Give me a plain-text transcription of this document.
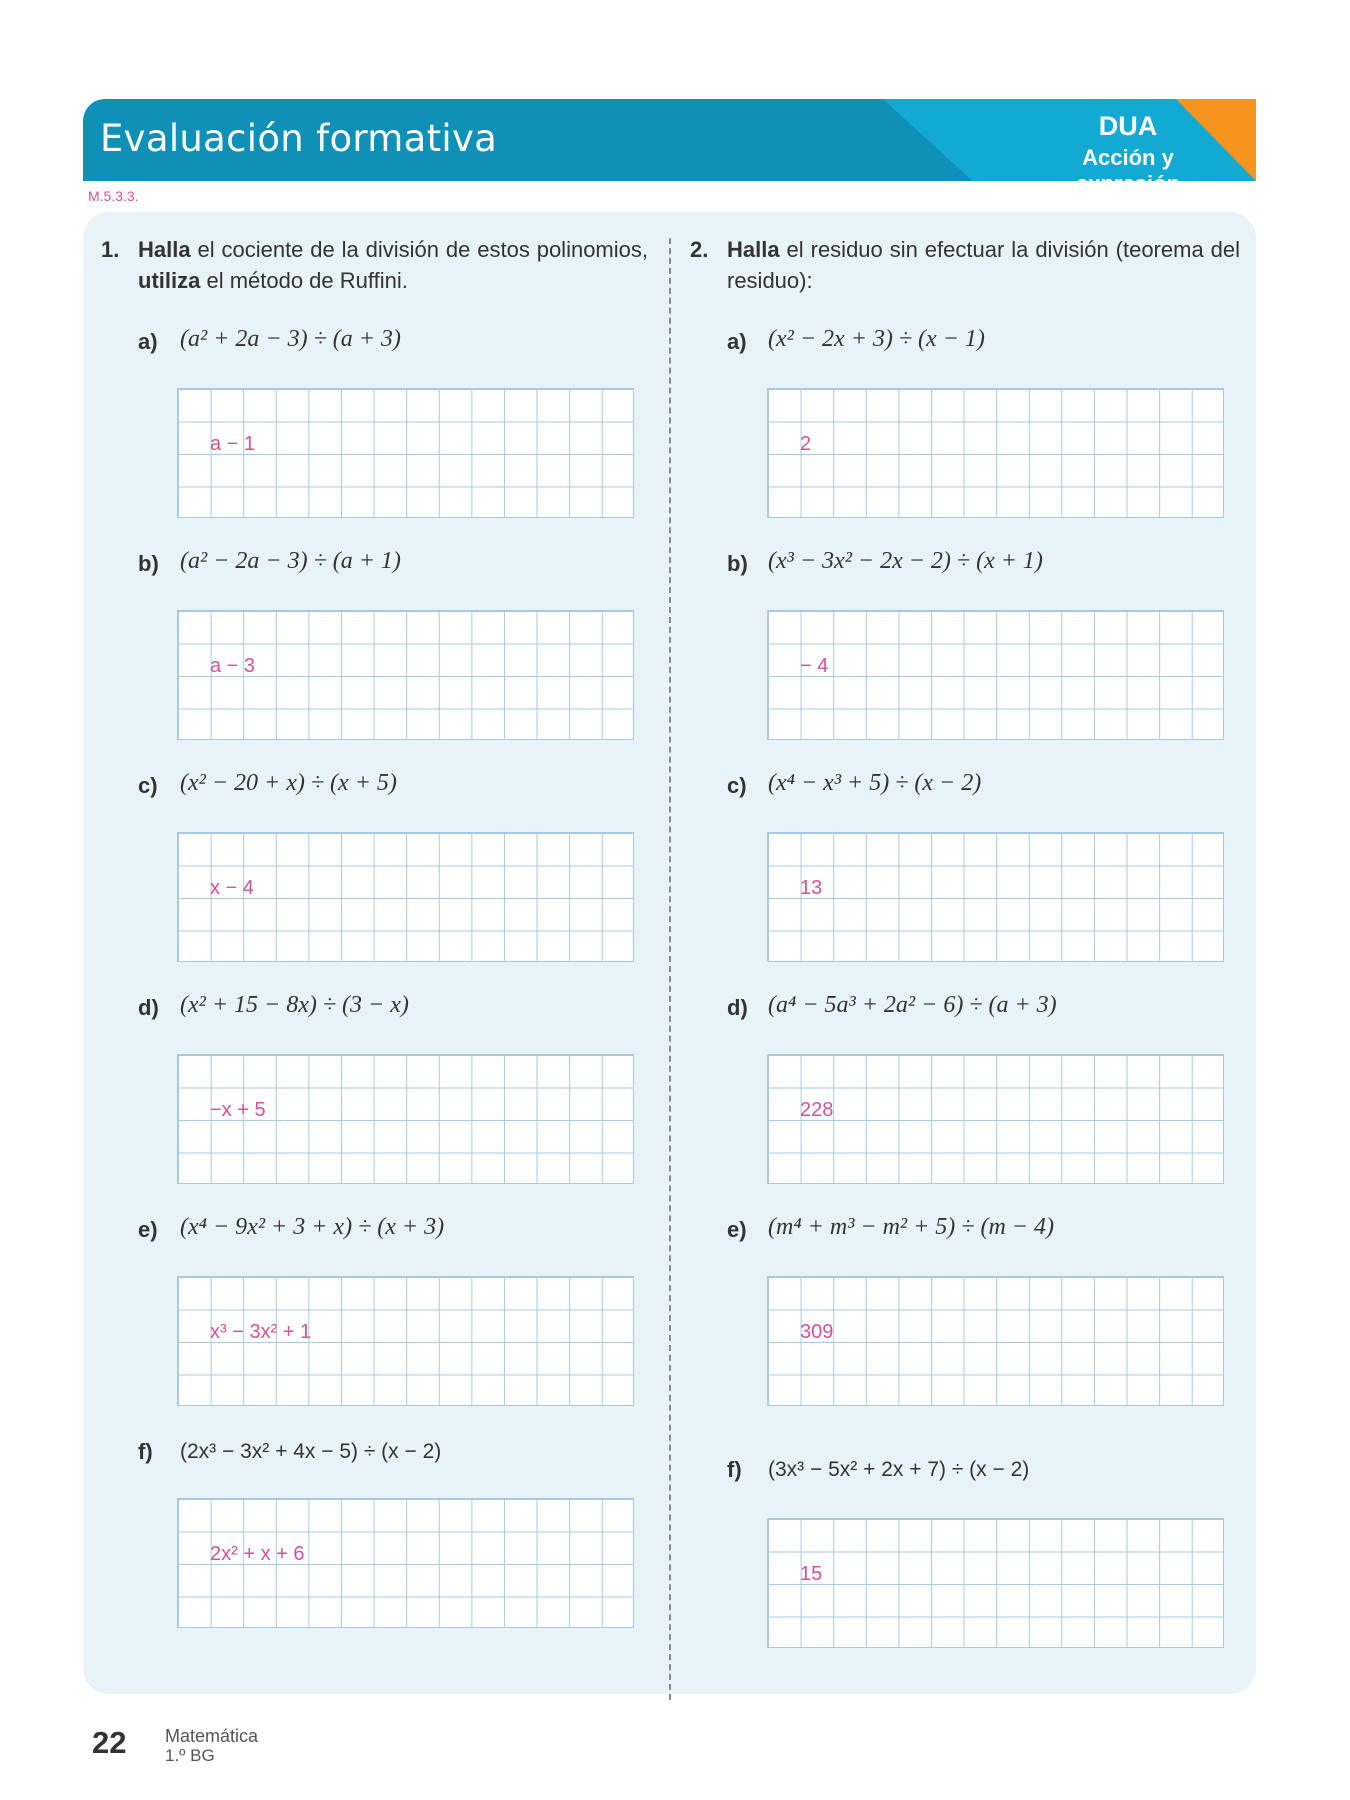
Evaluación formativa	DUA
Acción y expresión
M.5.3.3.
1. Halla el cociente de la división de estos polinomios, utiliza el método de Ruffini.
2. Halla el residuo sin efectuar la división (teorema del residuo):
a) (a² + 2a − 3) ÷ (a + 3)
a − 1
b) (a² − 2a − 3) ÷ (a + 1)
a − 3
c) (x² − 20 + x) ÷ (x + 5)
x − 4
d) (x² + 15 − 8x) ÷ (3 − x)
−x + 5
e) (x⁴ − 9x² + 3 + x) ÷ (x + 3)
x³ − 3x² + 1
f) (2x³ − 3x² + 4x − 5) ÷ (x − 2)
2x² + x + 6
a) (x² − 2x + 3) ÷ (x − 1)
2
b) (x³ − 3x² − 2x − 2) ÷ (x + 1)
− 4
c) (x⁴ − x³ + 5) ÷ (x − 2)
13
d) (a⁴ − 5a³ + 2a² − 6) ÷ (a + 3)
228
e) (m⁴ + m³ − m² + 5) ÷ (m − 4)
309
f) (3x³ − 5x² + 2x + 7) ÷ (x − 2)
15
22 Matemática
1.º BG
